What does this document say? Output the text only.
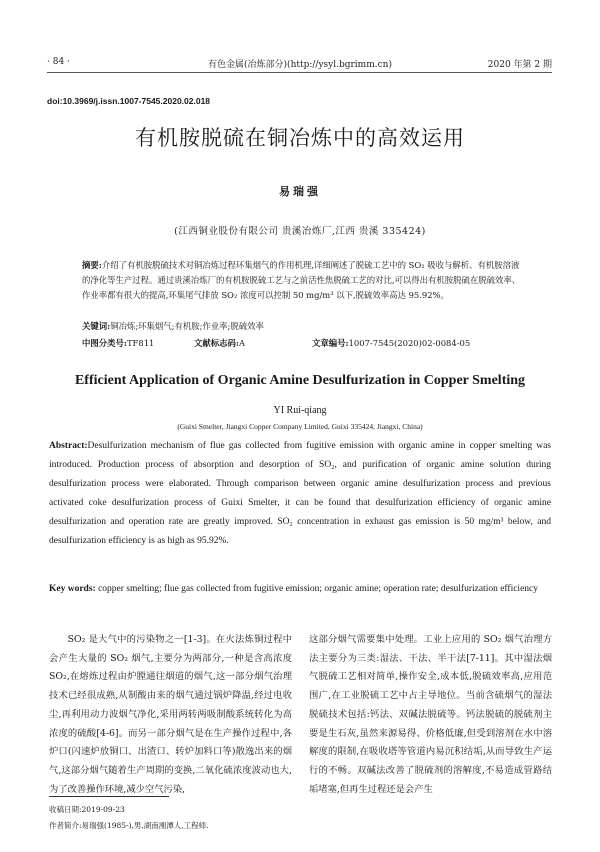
· 84 ·	有色金属(冶炼部分)(http://ysyl.bgrimm.cn)	2020 年第 2 期
doi:10.3969/j.issn.1007-7545.2020.02.018
有机胺脱硫在铜冶炼中的高效运用
易瑞强
(江西铜业股份有限公司 贵溪冶炼厂,江西 贵溪 335424)
摘要:介绍了有机胺脱硫技术对铜冶炼过程环集烟气的作用机理,详细阐述了脱硫工艺中的 SO₂ 吸收与解析、有机胺溶液的净化等生产过程。通过贵溪冶炼厂的有机胺脱硫工艺与之前活性焦脱硫工艺的对比,可以得出有机胺脱硫在脱硫效率、作业率都有很大的提高,环集尾气排放 SO₂ 浓度可以控制 50 mg/m³ 以下,脱硫效率高达 95.92%。
关键词:铜冶炼;环集烟气;有机胺;作业率;脱硫效率
中图分类号:TF811	文献标志码:A	文章编号:1007-7545(2020)02-0084-05
Efficient Application of Organic Amine Desulfurization in Copper Smelting
YI Rui-qiang
(Guixi Smelter, Jiangxi Copper Company Limited, Guixi 335424, Jiangxi, China)
Abstract:Desulfurization mechanism of flue gas collected from fugitive emission with organic amine in copper smelting was introduced. Production process of absorption and desorption of SO₂, and purification of organic amine solution during desulfurization process were elaborated. Through comparison between organic amine desulfurization process and previous activated coke desulfurization process of Guixi Smelter, it can be found that desulfurization efficiency of organic amine desulfurization and operation rate are greatly improved. SO₂ concentration in exhaust gas emission is 50 mg/m³ below, and desulfurization efficiency is as high as 95.92%.
Key words: copper smelting; flue gas collected from fugitive emission; organic amine; operation rate; desulfurization efficiency
SO₂ 是大气中的污染物之一[1-3]。在火法炼铜过程中会产生大量的 SO₂ 烟气,主要分为两部分,一种是含高浓度 SO₂,在熔炼过程由炉膛通往烟道的烟气,这一部分烟气治理技术已经很成熟,从制酸由来的烟气通过锅炉降温,经过电收尘,再利用动力波烟气净化,采用两转两吸制酸系统转化为高浓度的硫酸[4-6]。而另一部分烟气是在生产操作过程中,各炉口(闪速炉放铜口、出渣口、转炉加料口等)散逸出来的烟气,这部分烟气随着生产周期的变换,二氧化硫浓度波动也大,为了改善操作环境,减少空气污染,
这部分烟气需要集中处理。工业上应用的 SO₂ 烟气治理方法主要分为三类:湿法、干法、半干法[7-11]。其中湿法烟气脱硫工艺相对简单,操作安全,成本低,脱硫效率高,应用范围广,在工业脱硫工艺中占主导地位。当前含硫烟气的湿法脱硫技术包括:钙法、双碱法脱硫等。钙法脱硫的脱硫剂主要是生石灰,虽然来源易得、价格低廉,但受到溶剂在水中溶解度的限制,在吸收塔等管道内易沉积结垢,从而导致生产运行的不畅。双碱法改善了脱硫剂的溶解度,不易造成管路结垢堵塞,但再生过程还是会产生
收稿日期:2019-09-23
作者简介:易瑞强(1985-),男,湖南湘潭人,工程师.
